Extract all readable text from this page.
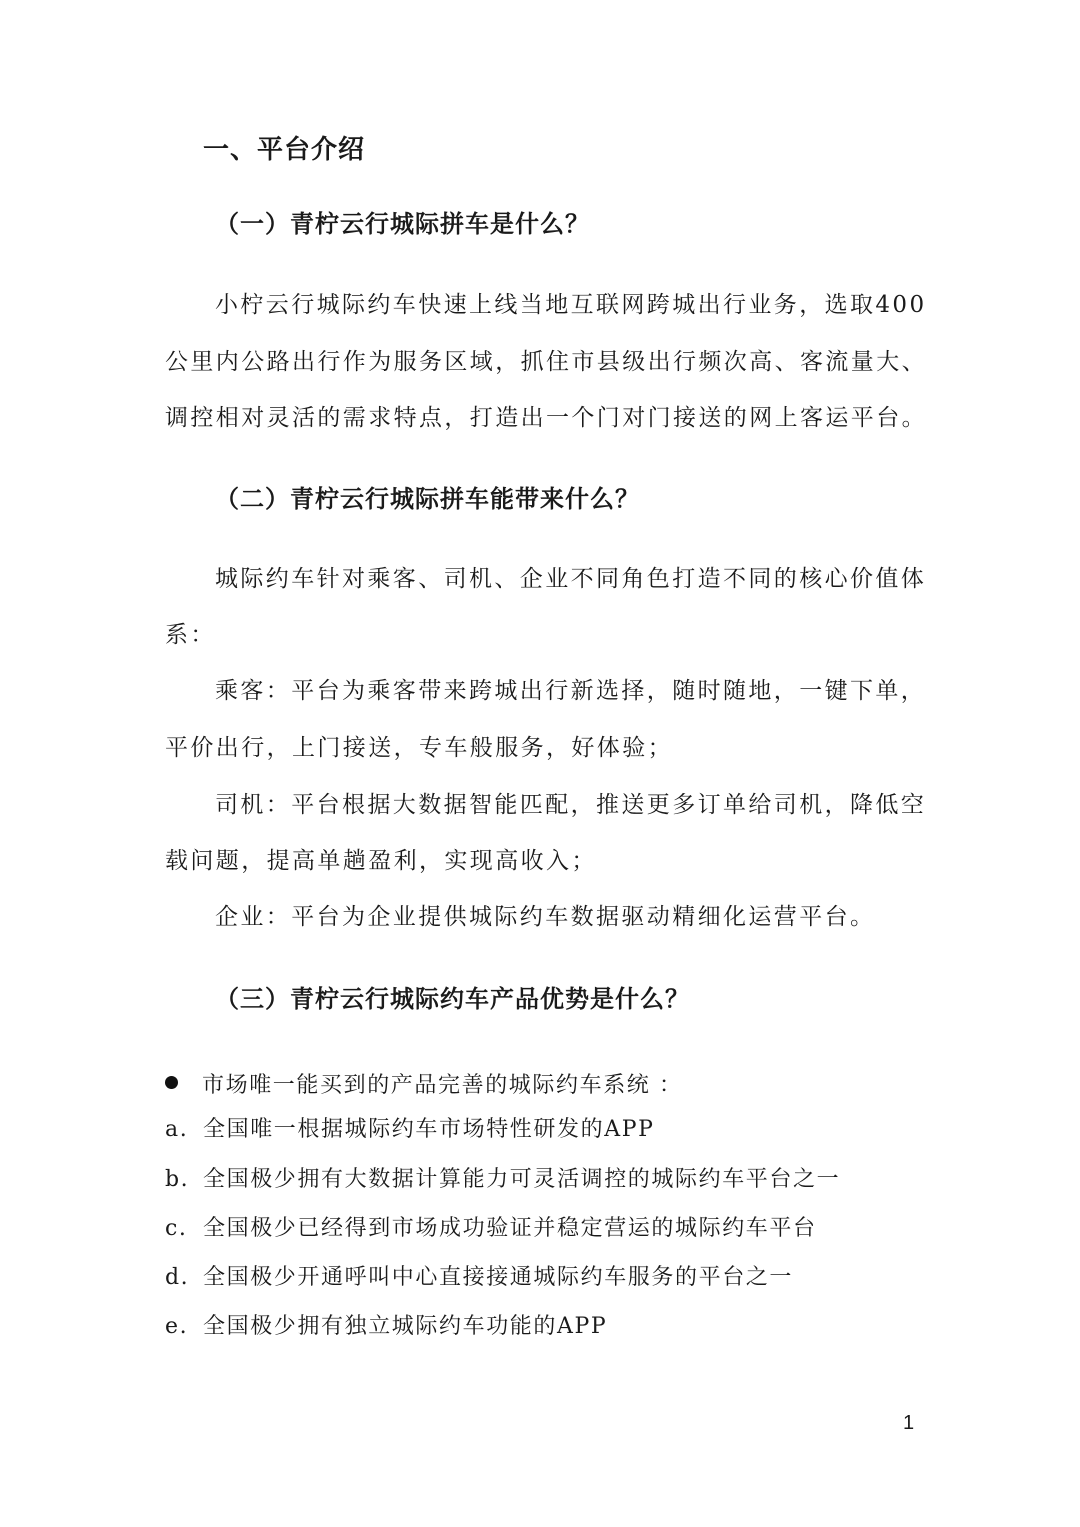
一、平台介绍
（一）青柠云行城际拼车是什么？
小柠云行城际约车快速上线当地互联网跨城出行业务，选取400
公里内公路出行作为服务区域，抓住市县级出行频次高、客流量大、
调控相对灵活的需求特点，打造出一个门对门接送的网上客运平台。
（二）青柠云行城际拼车能带来什么？
城际约车针对乘客、司机、企业不同角色打造不同的核心价值体
系：
乘客：平台为乘客带来跨城出行新选择，随时随地，一键下单，
平价出行，上门接送，专车般服务，好体验；
司机：平台根据大数据智能匹配，推送更多订单给司机，降低空
载问题，提高单趟盈利，实现高收入；
企业：平台为企业提供城际约车数据驱动精细化运营平台。
（三）青柠云行城际约车产品优势是什么？
市场唯一能买到的产品完善的城际约车系统 ：
a. 全国唯一根据城际约车市场特性研发的APP
b. 全国极少拥有大数据计算能力可灵活调控的城际约车平台之一
c. 全国极少已经得到市场成功验证并稳定营运的城际约车平台
d. 全国极少开通呼叫中心直接接通城际约车服务的平台之一
e. 全国极少拥有独立城际约车功能的APP
1
